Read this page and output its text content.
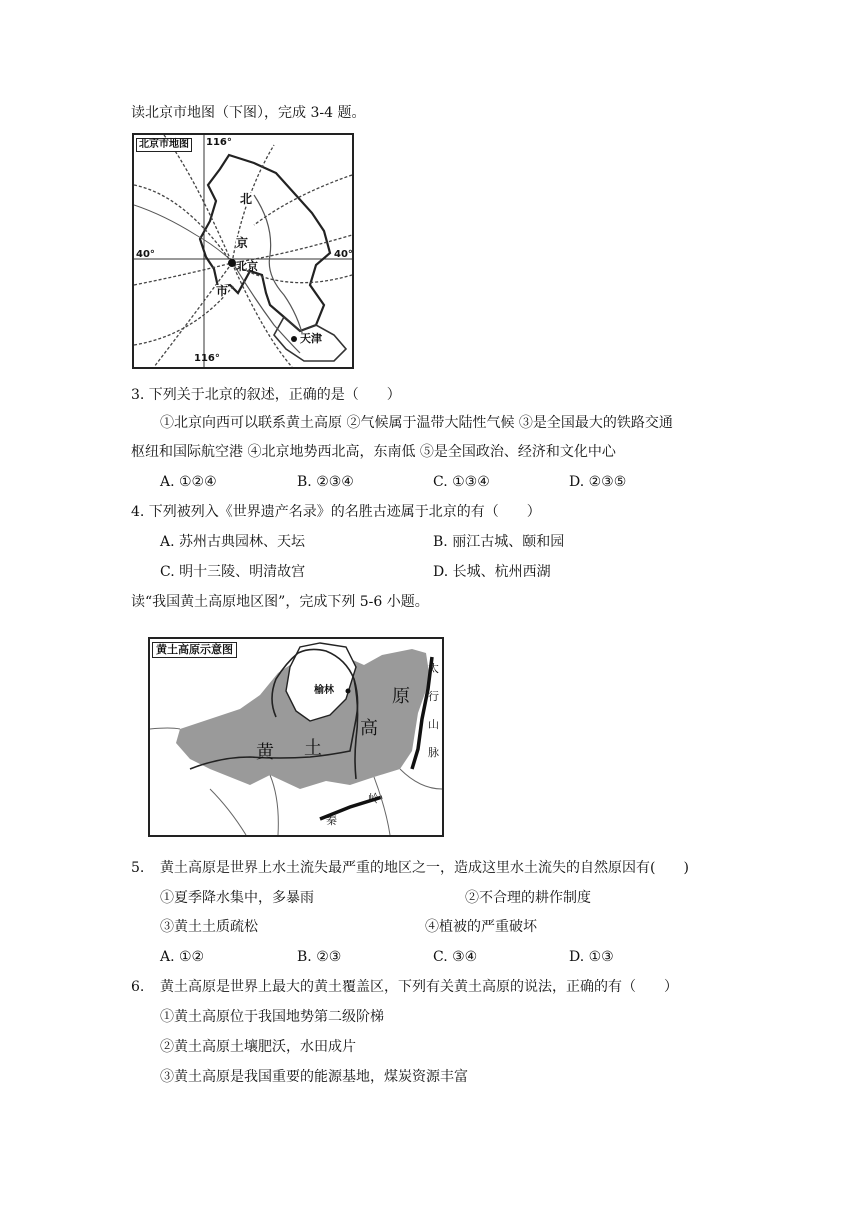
读北京市地图（下图），完成 3-4 题。
北京市地图	116°
116°
40°	40°
北
京
北京
市
天津
3. 下列关于北京的叙述，正确的是（　　）
①北京向西可以联系黄土高原 ②气候属于温带大陆性气候 ③是全国最大的铁路交通
枢纽和国际航空港 ④北京地势西北高，东南低 ⑤是全国政治、经济和文化中心
A. ①②④	B. ②③④	C. ①③④	D. ②③⑤
4. 下列被列入《世界遗产名录》的名胜古迹属于北京的有（　　）
A. 苏州古典园林、天坛	B. 丽江古城、颐和园
C. 明十三陵、明清故宫	D. 长城、杭州西湖
读“我国黄土高原地区图”，完成下列 5-6 小题。
黄土高原示意图
榆林
黄 土
高
原
太
行
山
脉
秦
岭
5. 黄土高原是世界上水土流失最严重的地区之一，造成这里水土流失的自然原因有(　　)
①夏季降水集中，多暴雨	②不合理的耕作制度
③黄土土质疏松	④植被的严重破坏
A. ①②	B. ②③	C. ③④	D. ①③
6. 黄土高原是世界上最大的黄土覆盖区，下列有关黄土高原的说法，正确的有（　　）
①黄土高原位于我国地势第二级阶梯
②黄土高原土壤肥沃，水田成片
③黄土高原是我国重要的能源基地，煤炭资源丰富
